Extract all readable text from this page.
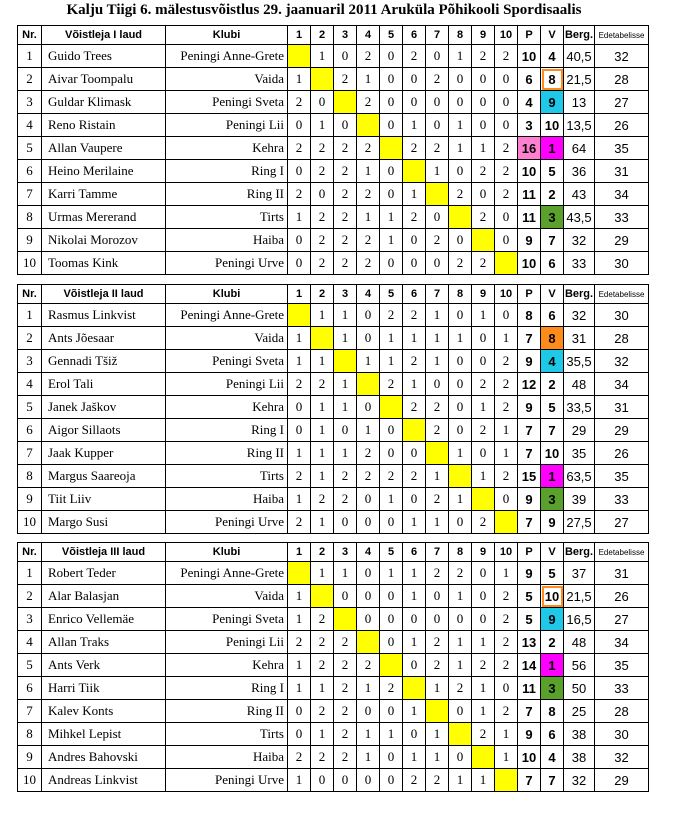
Kalju Tiigi 6. mälestusvõistlus 29. jaanuaril 2011 Aruküla Põhikooli Spordisaalis
Nr.	Võistleja I laud	Klubi	1	2	3	4	5	6	7	8	9	10	P	V	Berg.	Edetabelisse
1	Guido Trees	Peningi Anne-Grete		1	0	2	0	2	0	1	2	2	10	4	40,5	32
2	Aivar Toompalu	Vaida	1		2	1	0	0	2	0	0	0	6	8	21,5	28
3	Guldar Klimask	Peningi Sveta	2	0		2	0	0	0	0	0	0	4	9	13	27
4	Reno Ristain	Peningi Lii	0	1	0		0	1	0	1	0	0	3	10	13,5	26
5	Allan Vaupere	Kehra	2	2	2	2		2	2	1	1	2	16	1	64	35
6	Heino Merilaine	Ring I	0	2	2	1	0		1	0	2	2	10	5	36	31
7	Karri Tamme	Ring II	2	0	2	2	0	1		2	0	2	11	2	43	34
8	Urmas Mererand	Tirts	1	2	2	1	1	2	0		2	0	11	3	43,5	33
9	Nikolai Morozov	Haiba	0	2	2	2	1	0	2	0		0	9	7	32	29
10	Toomas Kink	Peningi Urve	0	2	2	2	0	0	0	2	2		10	6	33	30
Nr.	Võistleja II laud	Klubi	1	2	3	4	5	6	7	8	9	10	P	V	Berg.	Edetabelisse
1	Rasmus Linkvist	Peningi Anne-Grete		1	1	0	2	2	1	0	1	0	8	6	32	30
2	Ants Jõesaar	Vaida	1		1	0	1	1	1	1	0	1	7	8	31	28
3	Gennadi Tšiž	Peningi Sveta	1	1		1	1	2	1	0	0	2	9	4	35,5	32
4	Erol Tali	Peningi Lii	2	2	1		2	1	0	0	2	2	12	2	48	34
5	Janek Jaškov	Kehra	0	1	1	0		2	2	0	1	2	9	5	33,5	31
6	Aigor Sillaots	Ring I	0	1	0	1	0		2	0	2	1	7	7	29	29
7	Jaak Kupper	Ring II	1	1	1	2	0	0		1	0	1	7	10	35	26
8	Margus Saareoja	Tirts	2	1	2	2	2	2	1		1	2	15	1	63,5	35
9	Tiit Liiv	Haiba	1	2	2	0	1	0	2	1		0	9	3	39	33
10	Margo Susi	Peningi Urve	2	1	0	0	0	1	1	0	2		7	9	27,5	27
Nr.	Võistleja III laud	Klubi	1	2	3	4	5	6	7	8	9	10	P	V	Berg.	Edetabelisse
1	Robert Teder	Peningi Anne-Grete		1	1	0	1	1	2	2	0	1	9	5	37	31
2	Alar Balasjan	Vaida	1		0	0	0	1	0	1	0	2	5	10	21,5	26
3	Enrico Vellemäe	Peningi Sveta	1	2		0	0	0	0	0	0	2	5	9	16,5	27
4	Allan Traks	Peningi Lii	2	2	2		0	1	2	1	1	2	13	2	48	34
5	Ants Verk	Kehra	1	2	2	2		0	2	1	2	2	14	1	56	35
6	Harri Tiik	Ring I	1	1	2	1	2		1	2	1	0	11	3	50	33
7	Kalev Konts	Ring II	0	2	2	0	0	1		0	1	2	7	8	25	28
8	Mihkel Lepist	Tirts	0	1	2	1	1	0	1		2	1	9	6	38	30
9	Andres Bahovski	Haiba	2	2	2	1	0	1	1	0		1	10	4	38	32
10	Andreas Linkvist	Peningi Urve	1	0	0	0	0	2	2	1	1		7	7	32	29
